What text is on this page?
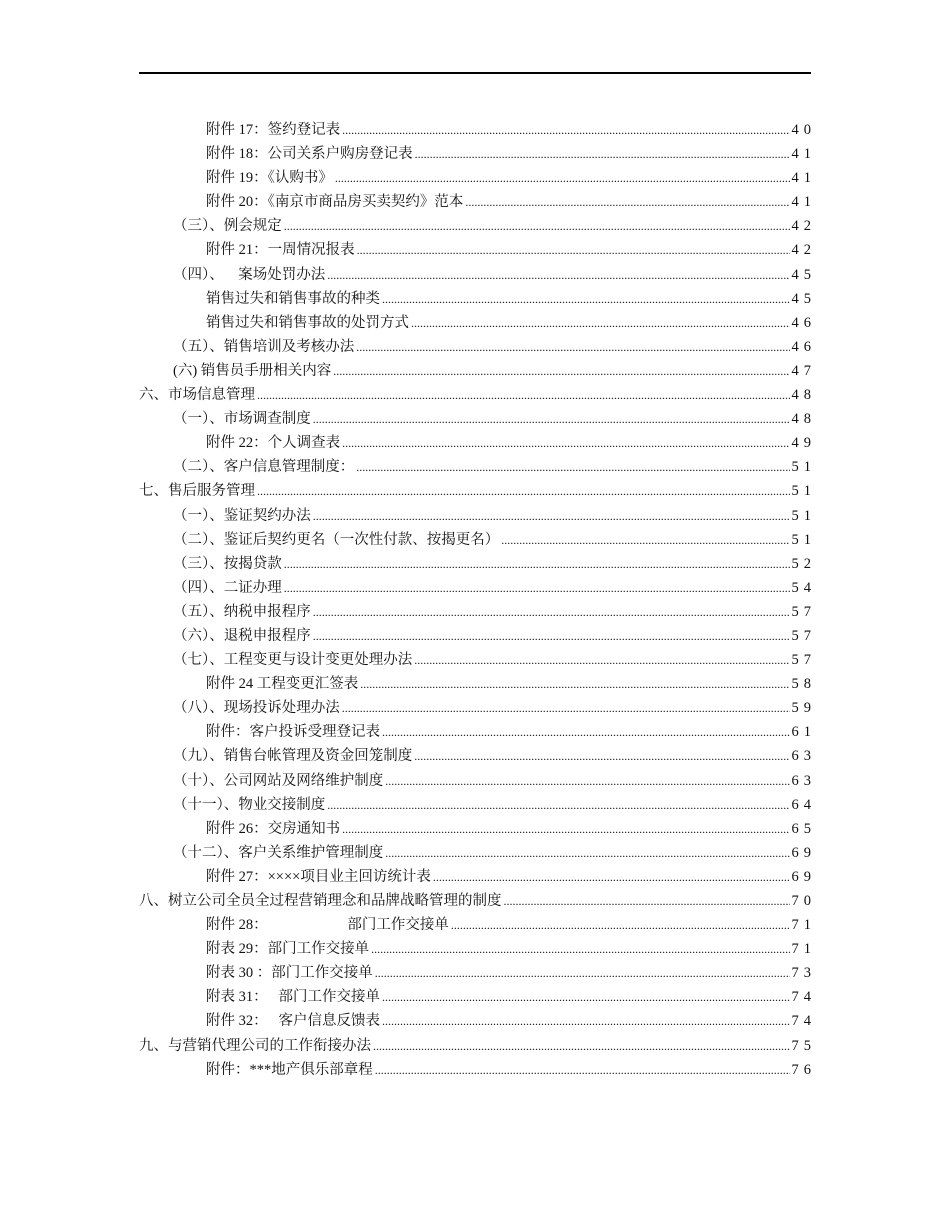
附件 17：签约登记表 .....	40
附件 18：公司关系户购房登记表 .....	41
附件 19：《认购书》 .....	41
附件 20：《南京市商品房买卖契约》范本 .....	41
（三）、例会规定 .....	42
附件 21：一周情况报表 .....	42
（四）、    案场处罚办法 .....	45
销售过失和销售事故的种类 .....	45
销售过失和销售事故的处罚方式 .....	46
（五）、销售培训及考核办法 .....	46
(六) 销售员手册相关内容 .....	47
六、市场信息管理 .....	48
（一）、市场调查制度 .....	48
附件 22：个人调查表 .....	49
（二）、客户信息管理制度： .....	51
七、售后服务管理 .....	51
（一）、鉴证契约办法 .....	51
（二）、鉴证后契约更名（一次性付款、按揭更名） .....	51
（三）、按揭贷款 .....	52
（四）、二证办理 .....	54
（五）、纳税申报程序 .....	57
（六）、退税申报程序 .....	57
（七）、工程变更与设计变更处理办法 .....	57
附件 24 工程变更汇签表 .....	58
（八）、现场投诉处理办法 .....	59
附件：客户投诉受理登记表 .....	61
（九）、销售台帐管理及资金回笼制度 .....	63
（十）、公司网站及网络维护制度 .....	63
（十一）、物业交接制度 .....	64
附件 26：交房通知书 .....	65
（十二）、客户关系维护管理制度 .....	69
附件 27：××××项目业主回访统计表 .....	69
八、树立公司全员全过程营销理念和品牌战略管理的制度 .....	70
附件 28：                      部门工作交接单 .....	71
附表 29：部门工作交接单 .....	71
附表 30 ：部门工作交接单 .....	73
附表 31：   部门工作交接单 .....	74
附件 32：   客户信息反馈表 .....	74
九、与营销代理公司的工作衔接办法 .....	75
附件：***地产俱乐部章程 .....	76
